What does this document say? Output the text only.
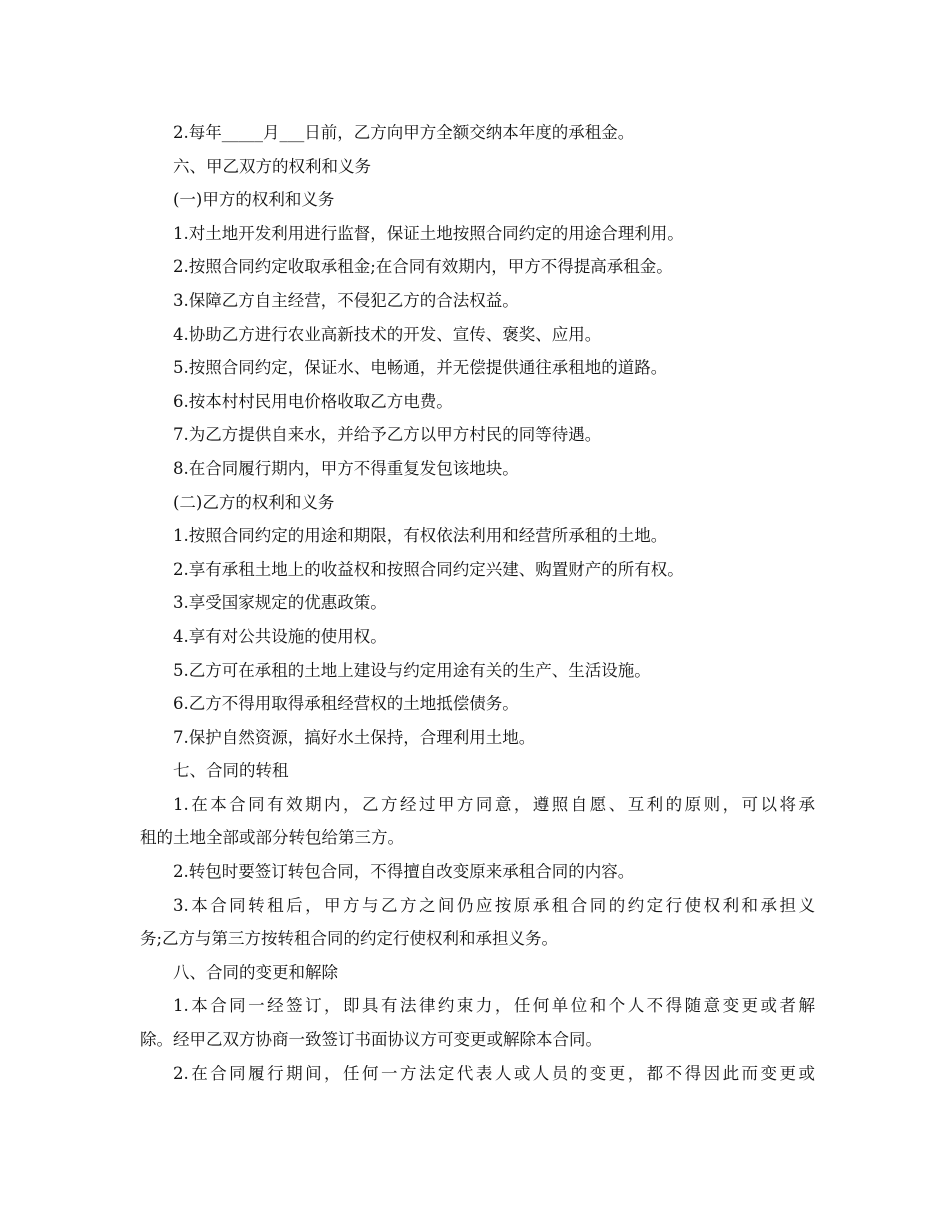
2.每年_____月___日前，乙方向甲方全额交纳本年度的承租金。
六、甲乙双方的权利和义务
(一)甲方的权利和义务
1.对土地开发利用进行监督，保证土地按照合同约定的用途合理利用。
2.按照合同约定收取承租金;在合同有效期内，甲方不得提高承租金。
3.保障乙方自主经营，不侵犯乙方的合法权益。
4.协助乙方进行农业高新技术的开发、宣传、褒奖、应用。
5.按照合同约定，保证水、电畅通，并无偿提供通往承租地的道路。
6.按本村村民用电价格收取乙方电费。
7.为乙方提供自来水，并给予乙方以甲方村民的同等待遇。
8.在合同履行期内，甲方不得重复发包该地块。
(二)乙方的权利和义务
1.按照合同约定的用途和期限，有权依法利用和经营所承租的土地。
2.享有承租土地上的收益权和按照合同约定兴建、购置财产的所有权。
3.享受国家规定的优惠政策。
4.享有对公共设施的使用权。
5.乙方可在承租的土地上建设与约定用途有关的生产、生活设施。
6.乙方不得用取得承租经营权的土地抵偿债务。
7.保护自然资源，搞好水土保持，合理利用土地。
七、合同的转租
1.在本合同有效期内，乙方经过甲方同意，遵照自愿、互利的原则，可以将承
租的土地全部或部分转包给第三方。
2.转包时要签订转包合同，不得擅自改变原来承租合同的内容。
3.本合同转租后，甲方与乙方之间仍应按原承租合同的约定行使权利和承担义
务;乙方与第三方按转租合同的约定行使权利和承担义务。
八、合同的变更和解除
1.本合同一经签订，即具有法律约束力，任何单位和个人不得随意变更或者解
除。经甲乙双方协商一致签订书面协议方可变更或解除本合同。
2.在合同履行期间，任何一方法定代表人或人员的变更，都不得因此而变更或
